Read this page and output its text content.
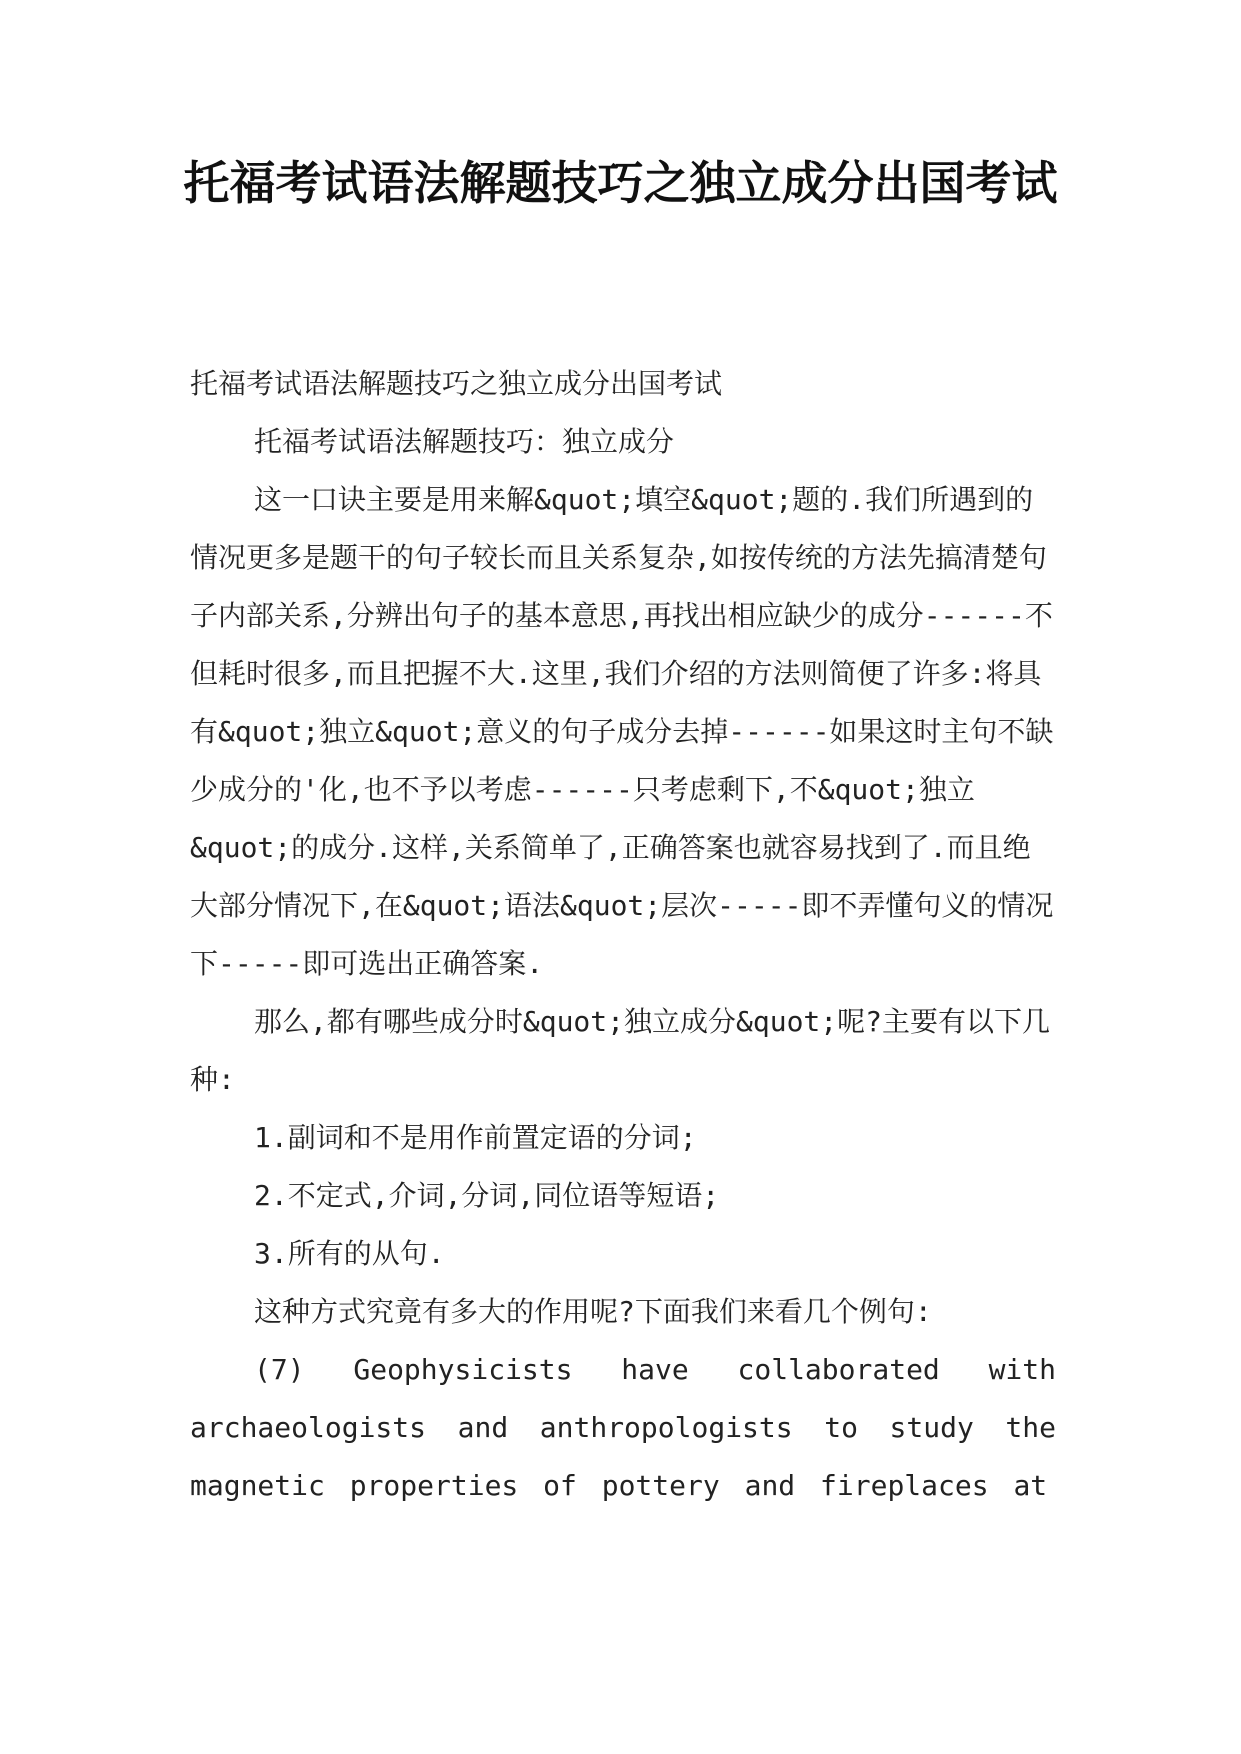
托福考试语法解题技巧之独立成分出国考试

托福考试语法解题技巧之独立成分出国考试

托福考试语法解题技巧：独立成分

这一口诀主要是用来解&quot;填空&quot;题的.我们所遇到的情况更多是题干的句子较长而且关系复杂,如按传统的方法先搞清楚句子内部关系,分辨出句子的基本意思,再找出相应缺少的成分------不但耗时很多,而且把握不大.这里,我们介绍的方法则简便了许多:将具有&quot;独立&quot;意义的句子成分去掉------如果这时主句不缺少成分的'化,也不予以考虑------只考虑剩下,不&quot;独立&quot;的成分.这样,关系简单了,正确答案也就容易找到了.而且绝大部分情况下,在&quot;语法&quot;层次-----即不弄懂句义的情况下-----即可选出正确答案.

那么,都有哪些成分时&quot;独立成分&quot;呢?主要有以下几种:

1.副词和不是用作前置定语的分词;

2.不定式,介词,分词,同位语等短语;

3.所有的从句.

这种方式究竟有多大的作用呢?下面我们来看几个例句:

(7) Geophysicists have collaborated with archaeologists and anthropologists to study the magnetic properties of pottery and fireplaces at
